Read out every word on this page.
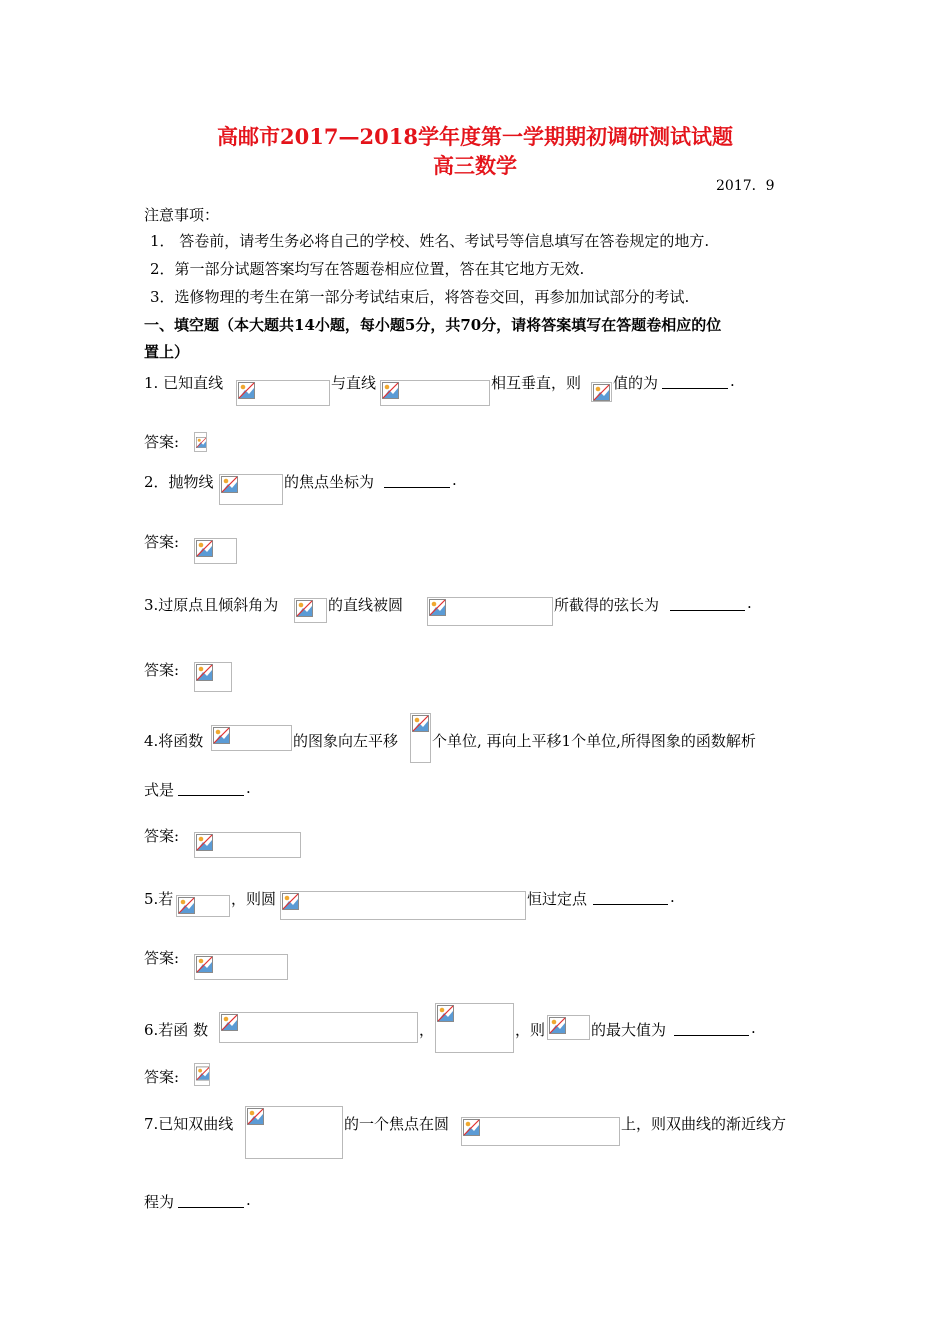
高邮市2017—2018学年度第一学期期初调研测试试题
高三数学
2017．9
注意事项：
1． 答卷前，请考生务必将自己的学校、姓名、考试号等信息填写在答卷规定的地方.
2．第一部分试题答案均写在答题卷相应位置，答在其它地方无效.
3．选修物理的考生在第一部分考试结束后，将答卷交回，再参加加试部分的考试.
一、填空题（本大题共14小题，每小题5分，共70分，请将答案填写在答题卷相应的位
置上）
1. 已知直线	与直线	相互垂直，则 值的为	.
答案:
2．抛物线	的焦点坐标为	.
答案:
3.过原点且倾斜角为	的直线被圆	所截得的弦长为	.
答案:
4.将函数	的图象向左平移 个单位, 再向上平移1个单位,所得图象的函数解析
式是	.
答案:
5.若	，则圆	恒过定点	.
答案:
6.若函 数	，	，则	的最大值为	.
答案:
7.已知双曲线	的一个焦点在圆	上，则双曲线的渐近线方
程为	.
